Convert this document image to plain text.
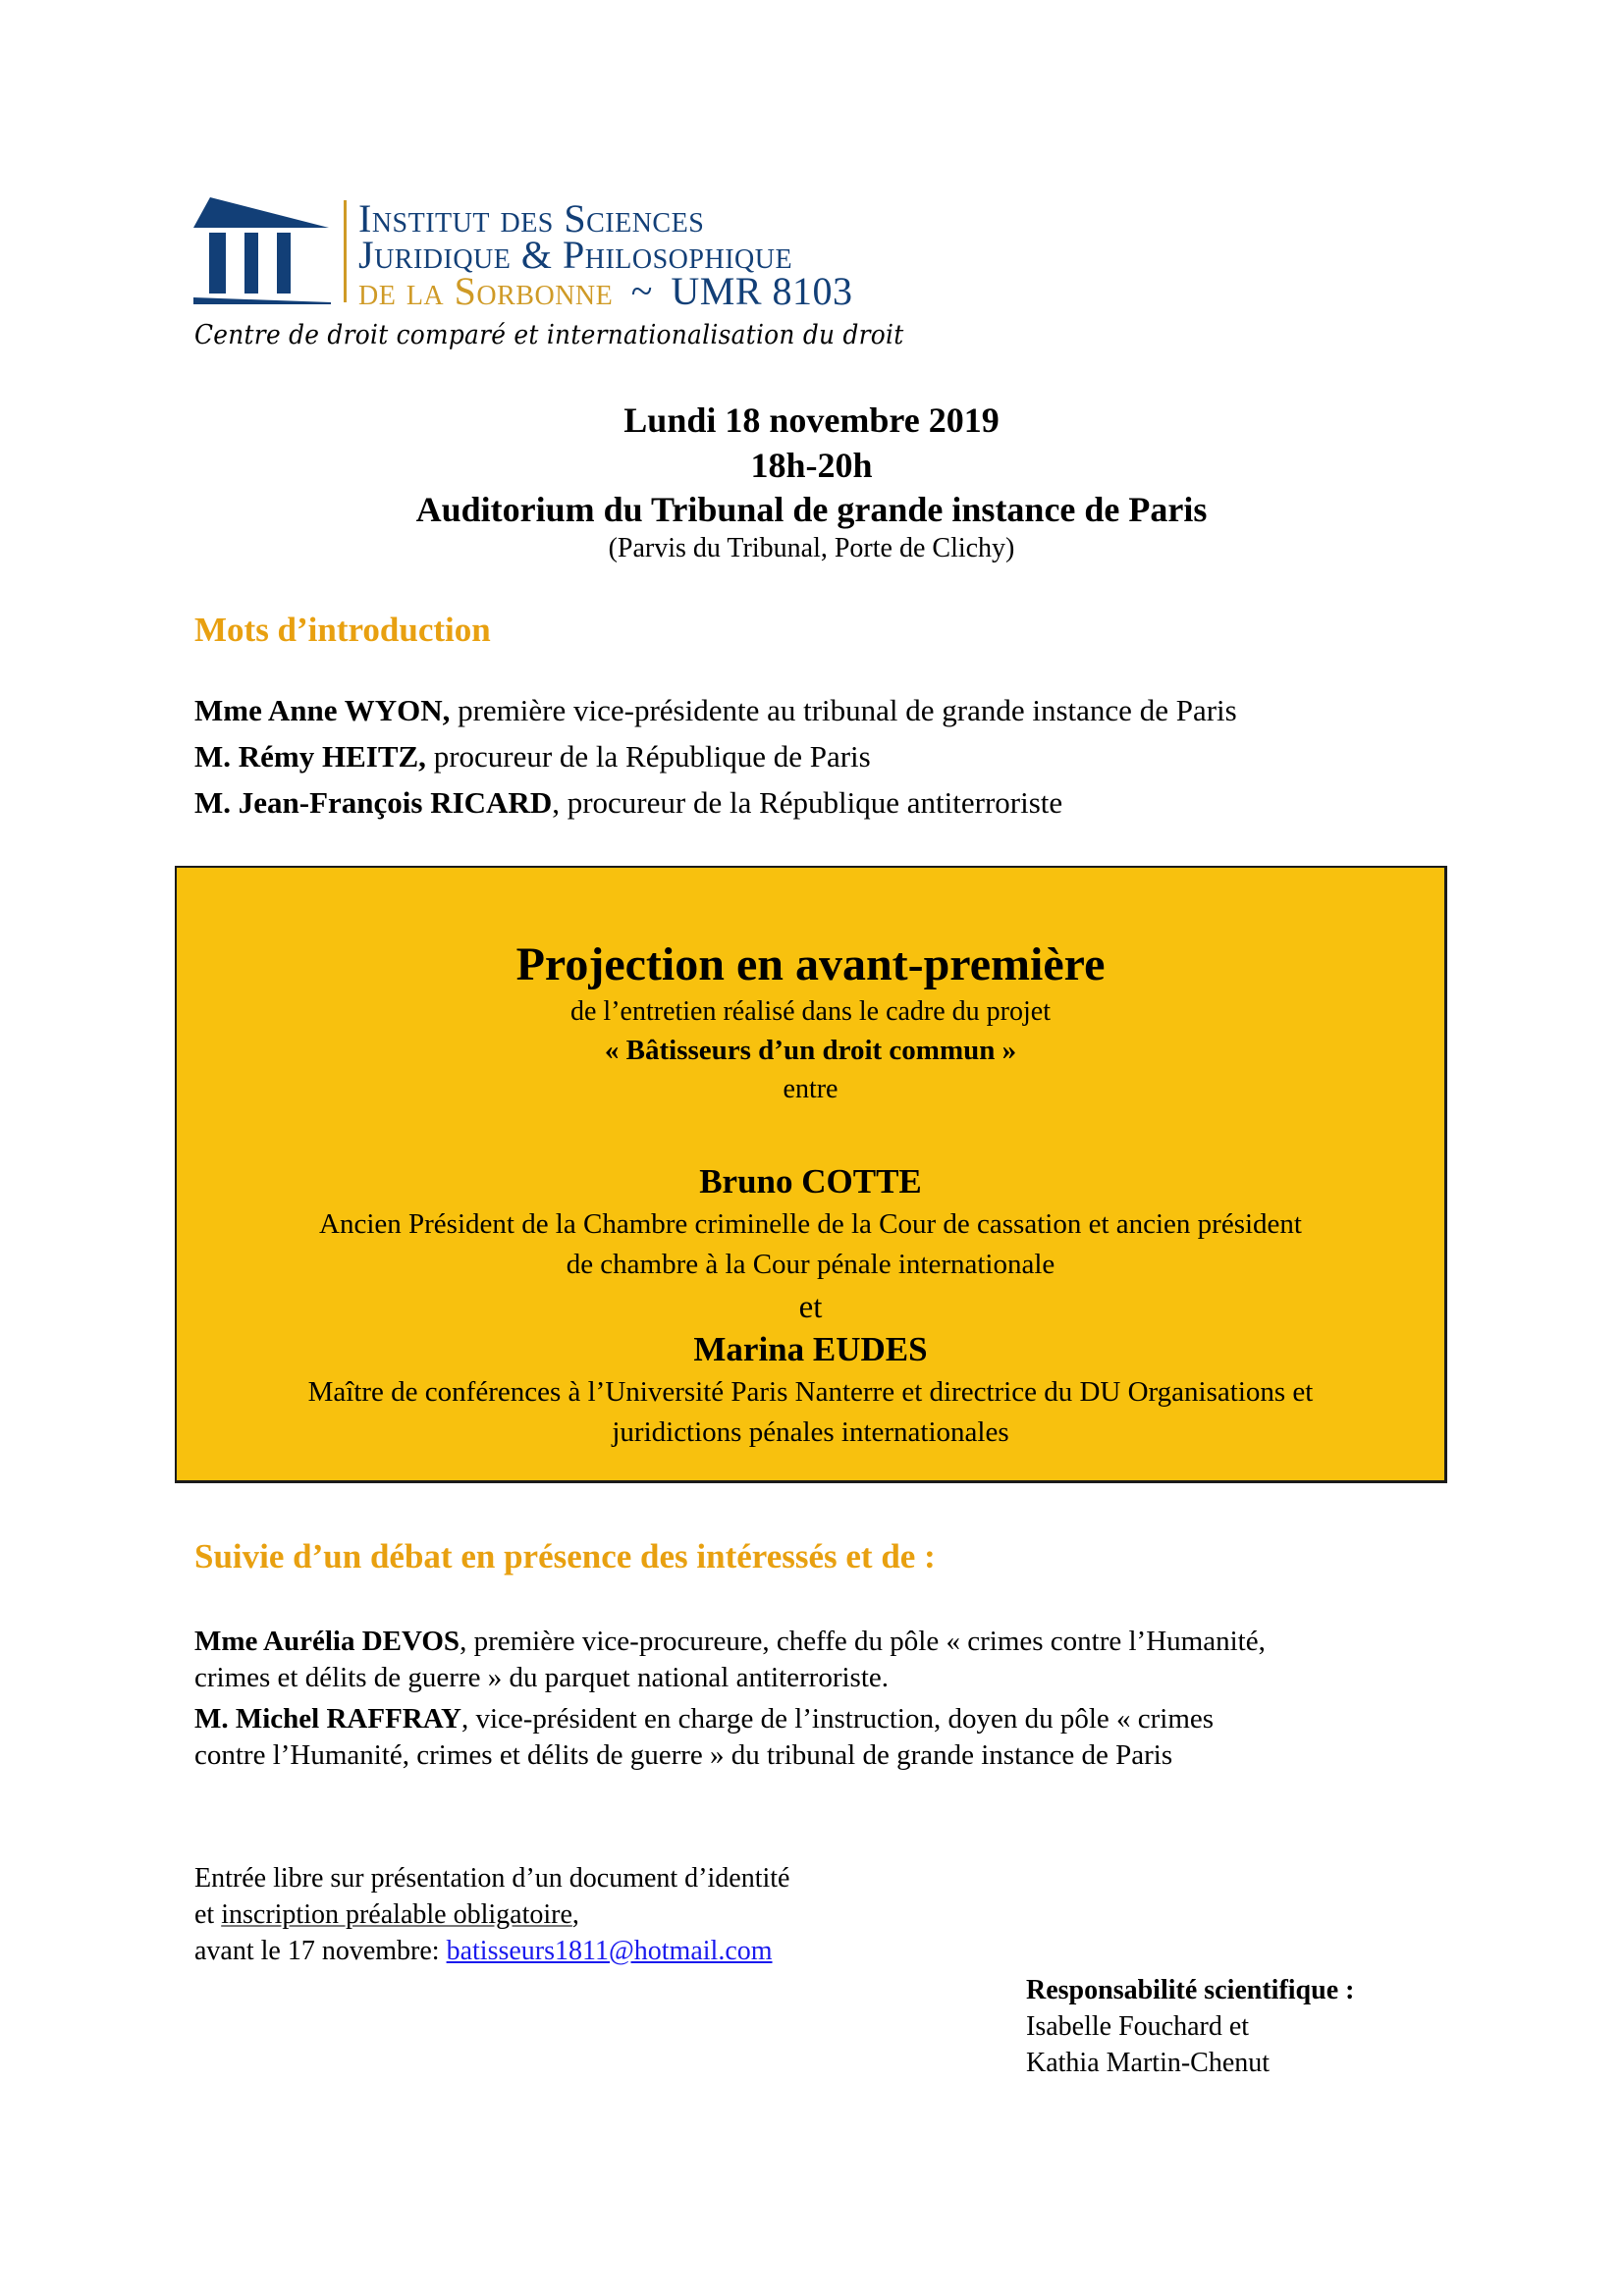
Institut des Sciences
Juridique & Philosophique
de la Sorbonne ~ UMR 8103
Centre de droit comparé et internationalisation du droit
Lundi 18 novembre 2019
18h-20h
Auditorium du Tribunal de grande instance de Paris
(Parvis du Tribunal, Porte de Clichy)
Mots d’introduction
Mme Anne WYON, première vice-présidente au tribunal de grande instance de Paris
M. Rémy HEITZ, procureur de la République de Paris
M. Jean-François RICARD, procureur de la République antiterroriste
Projection en avant-première
de l’entretien réalisé dans le cadre du projet
« Bâtisseurs d’un droit commun »
entre
Bruno COTTE
Ancien Président de la Chambre criminelle de la Cour de cassation et ancien président
de chambre à la Cour pénale internationale
et
Marina EUDES
Maître de conférences à l’Université Paris Nanterre et directrice du DU Organisations et
juridictions pénales internationales
Suivie d’un débat en présence des intéressés et de :
Mme Aurélia DEVOS, première vice-procureure, cheffe du pôle « crimes contre l’Humanité,
crimes et délits de guerre » du parquet national antiterroriste.
M. Michel RAFFRAY, vice-président en charge de l’instruction, doyen du pôle « crimes
contre l’Humanité, crimes et délits de guerre » du tribunal de grande instance de Paris
Entrée libre sur présentation d’un document d’identité
et inscription préalable obligatoire,
avant le 17 novembre: batisseurs1811@hotmail.com
Responsabilité scientifique :
Isabelle Fouchard et
Kathia Martin-Chenut
